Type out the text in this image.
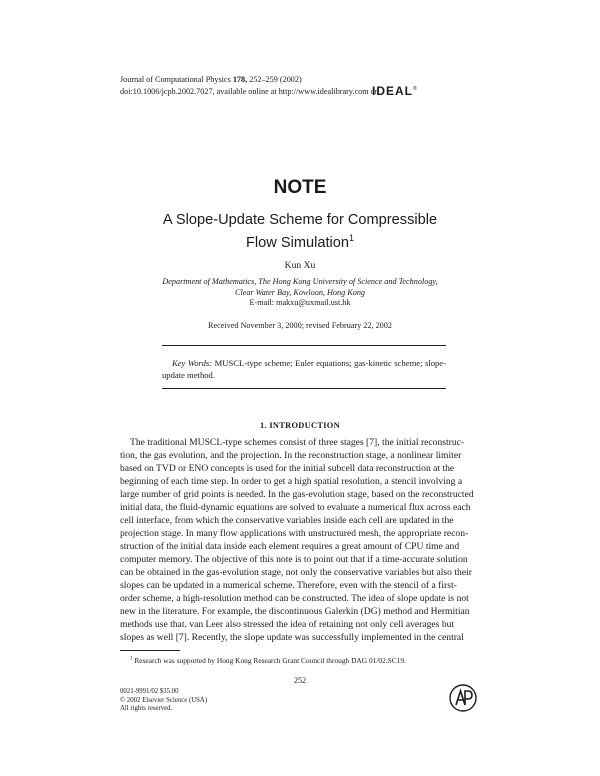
Journal of Computational Physics 178, 252–259 (2002)
doi:10.1006/jcph.2002.7027, available online at http://www.idealibrary.com on
IDEAL®
NOTE
A Slope-Update Scheme for Compressible
Flow Simulation$^1$
Kun Xu
Department of Mathematics, The Hong Kong University of Science and Technology,
Clear Water Bay, Kowloon, Hong Kong
E-mail: makxu@uxmail.ust.hk
Received November 3, 2000; revised February 22, 2002
Key Words: MUSCL-type scheme; Euler equations; gas-kinetic scheme; slope-update method.
1. INTRODUCTION
The traditional MUSCL-type schemes consist of three stages [7], the initial reconstruc-
tion, the gas evolution, and the projection. In the reconstruction stage, a nonlinear limiter
based on TVD or ENO concepts is used for the initial subcell data reconstruction at the
beginning of each time step. In order to get a high spatial resolution, a stencil involving a
large number of grid points is needed. In the gas-evolution stage, based on the reconstructed
initial data, the fluid-dynamic equations are solved to evaluate a numerical flux across each
cell interface, from which the conservative variables inside each cell are updated in the
projection stage. In many flow applications with unstructured mesh, the appropriate recon-
struction of the initial data inside each element requires a great amount of CPU time and
computer memory. The objective of this note is to point out that if a time-accurate solution
can be obtained in the gas-evolution stage, not only the conservative variables but also their
slopes can be updated in a numerical scheme. Therefore, even with the stencil of a first-
order scheme, a high-resolution method can be constructed. The idea of slope update is not
new in the literature. For example, the discontinuous Galerkin (DG) method and Hermitian
methods use that. van Leer also stressed the idea of retaining not only cell averages but
slopes as well [7]. Recently, the slope update was successfully implemented in the central
$^1$ Research was supported by Hong Kong Research Grant Council through DAG 01/02.SC19.
252
0021-9991/02 $35.00
© 2002 Elsevier Science (USA)
All rights reserved.
